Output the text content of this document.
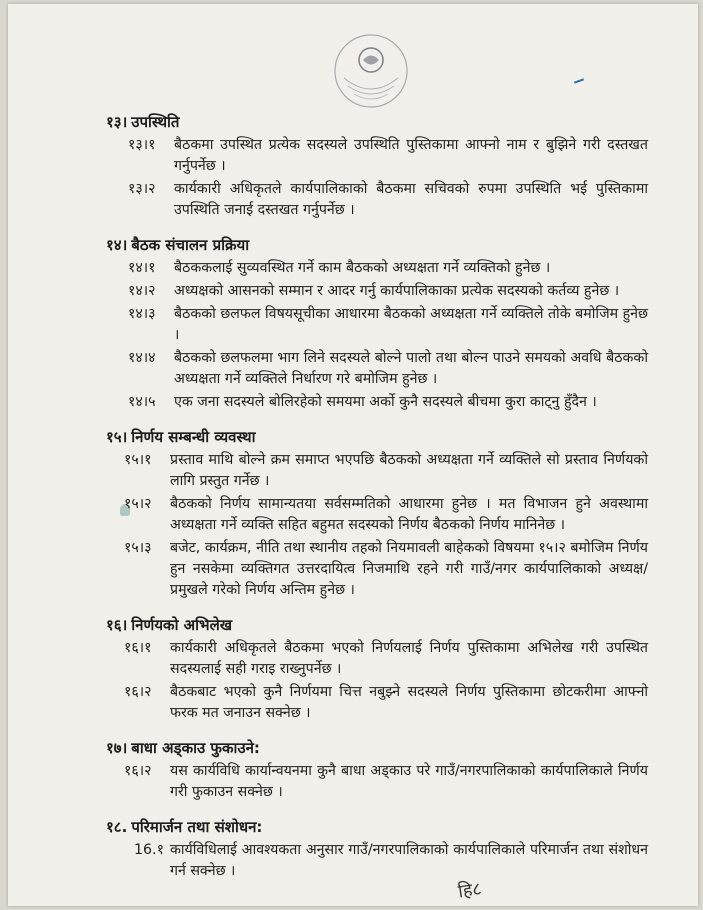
१३। उपस्थिति
१३।१	बैठकमा उपस्थित प्रत्येक सदस्यले उपस्थिति पुस्तिकामा आफ्नो नाम र बुझिने गरी दस्तखत गर्नुपर्नेछ ।
१३।२	कार्यकारी अधिकृतले कार्यपालिकाको बैठकमा सचिवको रुपमा उपस्थिति भई पुस्तिकामा उपस्थिति जनाई दस्तखत गर्नुपर्नेछ ।
१४। बैठक संचालन प्रक्रिया
१४।१	बैठककलाई सुव्यवस्थित गर्ने काम बैठकको अध्यक्षता गर्ने व्यक्तिको हुनेछ ।
१४।२	अध्यक्षको आसनको सम्मान र आदर गर्नु कार्यपालिकाका प्रत्येक सदस्यको कर्तव्य हुनेछ ।
१४।३	बैठकको छलफल विषयसूचीका आधारमा बैठकको अध्यक्षता गर्ने व्यक्तिले तोके बमोजिम हुनेछ ।
१४।४	बैठकको छलफलमा भाग लिने सदस्यले बोल्ने पालो तथा बोल्न पाउने समयको अवधि बैठकको अध्यक्षता गर्ने व्यक्तिले निर्धारण गरे बमोजिम हुनेछ ।
१४।५	एक जना सदस्यले बोलिरहेको समयमा अर्को कुनै सदस्यले बीचमा कुरा काट्नु हुँदैन ।
१५। निर्णय सम्बन्धी व्यवस्था
१५।१	प्रस्ताव माथि बोल्ने क्रम समाप्त भएपछि बैठकको अध्यक्षता गर्ने व्यक्तिले सो प्रस्ताव निर्णयको लागि प्रस्तुत गर्नेछ ।
१५।२	बैठकको निर्णय सामान्यतया सर्वसम्मतिको आधारमा हुनेछ । मत विभाजन हुने अवस्थामा अध्यक्षता गर्ने व्यक्ति सहित बहुमत सदस्यको निर्णय बैठकको निर्णय मानिनेछ ।
१५।३	बजेट, कार्यक्रम, नीति तथा स्थानीय तहको नियमावली बाहेकको विषयमा १५।२ बमोजिम निर्णय हुन नसकेमा व्यक्तिगत उत्तरदायित्व निजमाथि रहने गरी गाउँ/नगर कार्यपालिकाको अध्यक्ष/प्रमुखले गरेको निर्णय अन्तिम हुनेछ ।
१६। निर्णयको अभिलेख
१६।१	कार्यकारी अधिकृतले बैठकमा भएको निर्णयलाई निर्णय पुस्तिकामा अभिलेख गरी उपस्थित सदस्यलाई सही गराइ राख्नुपर्नेछ ।
१६।२	बैठकबाट भएको कुनै निर्णयमा चित्त नबुझ्ने सदस्यले निर्णय पुस्तिकामा छोटकरीमा आफ्नो फरक मत जनाउन सक्नेछ ।
१७। बाधा अड्काउ फुकाउने:
१६।२	यस कार्यविधि कार्यान्वयनमा कुनै बाधा अड्काउ परे गाउँ/नगरपालिकाको कार्यपालिकाले निर्णय गरी फुकाउन सक्नेछ ।
१८. परिमार्जन तथा संशोधन:
16.१ कार्यविधिलाई आवश्यकता अनुसार गाउँ/नगरपालिकाको कार्यपालिकाले परिमार्जन तथा संशोधन गर्न सक्नेछ ।
हि८
